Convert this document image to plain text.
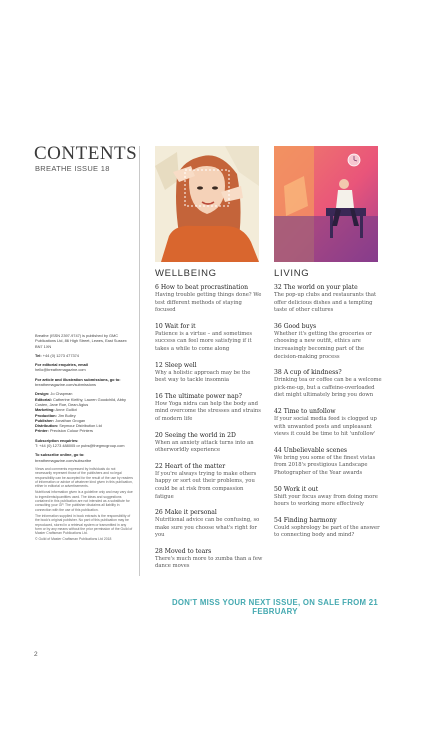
CONTENTS
BREATHE ISSUE 18
Breathe (ISSN 2397-9747) is published by GMC Publications Ltd, 86 High Street, Lewes, East Sussex BN7 1XN
Tel: +44 (0) 1273 477374
For editorial enquiries, email
hello@breathemagazine.com
For article and illustration submissions, go to:
breathemagazine.com/submissions
Design: Jo Chapman
Editorial: Catherine Kielthy, Lauren Goodchild, Abby Costen, Jane Roe, Dean Agius
Marketing: Anne Guillot
Production: Jim Bulley
Publisher: Jonathan Grogan
Distribution: Seymour Distribution Ltd
Printer: Precision Colour Printers
Subscription enquiries:
T: +44 (0) 1273 488005 or pubs@thegmcgroup.com
To subscribe online, go to:
breathemagazine.com/subscribe
Views and comments expressed by individuals do not necessarily represent those of the publishers and no legal responsibility can be accepted for the result of the use by readers of information or advice of whatever kind given in this publication, either in editorial or advertisements.
Nutritional information given is a guideline only and may vary due to ingredients/quantities used. The ideas and suggestions contained in this publication are not intended as a substitute for consulting your GP. The publisher disclaims all liability in connection with the use of this publication.
The information supplied in book extracts is the responsibility of the book's original publisher. No part of this publication may be reproduced, stored in a retrieval system or transmitted in any form or by any means without the prior permission of the Guild of Master Craftsman Publications Ltd.
© Guild of Master Craftsman Publications Ltd 2018
WELLBEING	LIVING
6 How to beat procrastination
Having trouble getting things done? We test different methods of staying focused
10 Wait for it
Patience is a virtue – and sometimes success can feel more satisfying if it takes a while to come along
12 Sleep well
Why a holistic approach may be the best way to tackle insomnia
16 The ultimate power nap?
How Yoga nidra can help the body and mind overcome the stresses and strains of modern life
20 Seeing the world in 2D
When an anxiety attack turns into an otherworldly experience
22 Heart of the matter
If you're always trying to make others happy or sort out their problems, you could be at risk from compassion fatigue
26 Make it personal
Nutritional advice can be confusing, so make sure you choose what's right for you
28 Moved to tears
There's much more to zumba than a few dance moves
32 The world on your plate
The pop-up clubs and restaurants that offer delicious dishes and a tempting taste of other cultures
36 Good buys
Whether it's getting the groceries or choosing a new outfit, ethics are increasingly becoming part of the decision-making process
38 A cup of kindness?
Drinking tea or coffee can be a welcome pick-me-up, but a caffeine-overloaded diet might ultimately bring you down
42 Time to unfollow
If your social media feed is clogged up with unwanted posts and unpleasant views it could be time to hit 'unfollow'
44 Unbelievable scenes
We bring you some of the finest vistas from 2018's prestigious Landscape Photographer of the Year awards
50 Work it out
Shift your focus away from doing more hours to working more effectively
54 Finding harmony
Could sophrology be part of the answer to connecting body and mind?
DON'T MISS YOUR NEXT ISSUE, ON SALE FROM 21 FEBRUARY
2
